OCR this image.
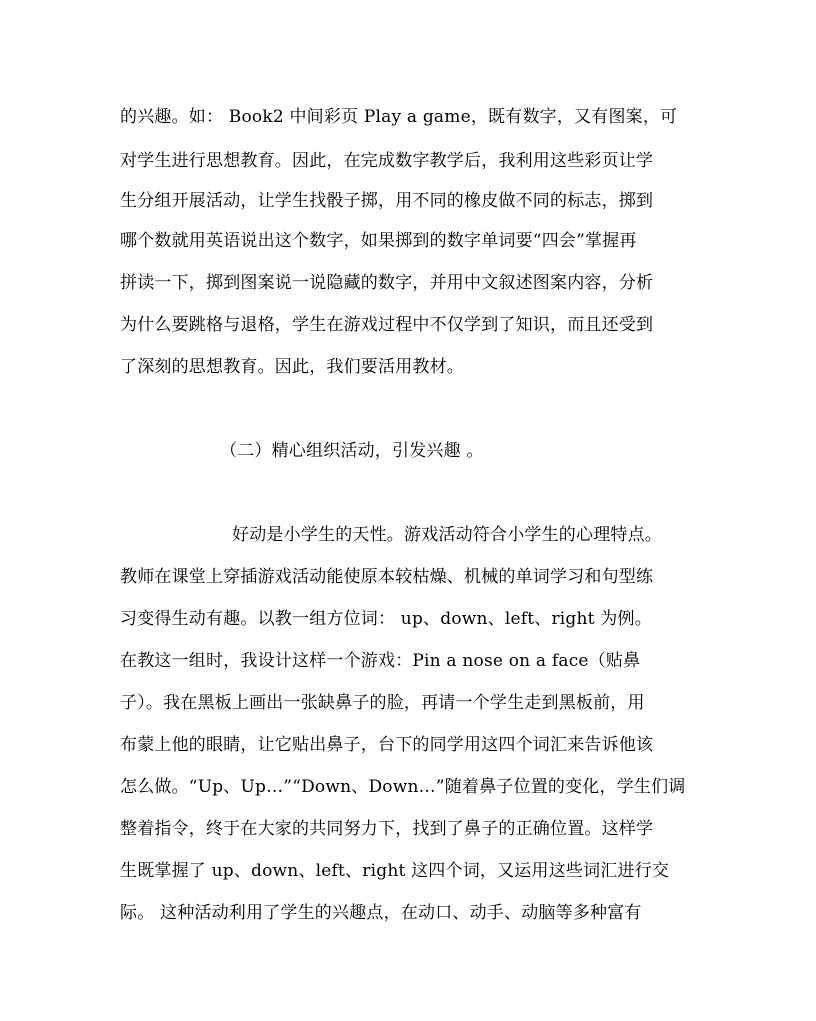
的兴趣。如： Book2 中间彩页 Play a game，既有数字，又有图案，可
对学生进行思想教育。因此，在完成数字教学后，我利用这些彩页让学
生分组开展活动，让学生找骰子掷，用不同的橡皮做不同的标志，掷到
哪个数就用英语说出这个数字，如果掷到的数字单词要“四会”掌握再
拼读一下，掷到图案说一说隐藏的数字，并用中文叙述图案内容，分析
为什么要跳格与退格，学生在游戏过程中不仅学到了知识，而且还受到
了深刻的思想教育。因此，我们要活用教材。
（二）精心组织活动，引发兴趣 。
好动是小学生的天性。游戏活动符合小学生的心理特点。
教师在课堂上穿插游戏活动能使原本较枯燥、机械的单词学习和句型练
习变得生动有趣。以教一组方位词： up、down、left、right 为例。
在教这一组时，我设计这样一个游戏：Pin a nose on a face（贴鼻
子）。我在黑板上画出一张缺鼻子的脸，再请一个学生走到黑板前，用
布蒙上他的眼睛，让它贴出鼻子，台下的同学用这四个词汇来告诉他该
怎么做。“Up、Up…”“Down、Down…”随着鼻子位置的变化，学生们调
整着指令，终于在大家的共同努力下，找到了鼻子的正确位置。这样学
生既掌握了 up、down、left、right 这四个词，又运用这些词汇进行交
际。 这种活动利用了学生的兴趣点，在动口、动手、动脑等多种富有
